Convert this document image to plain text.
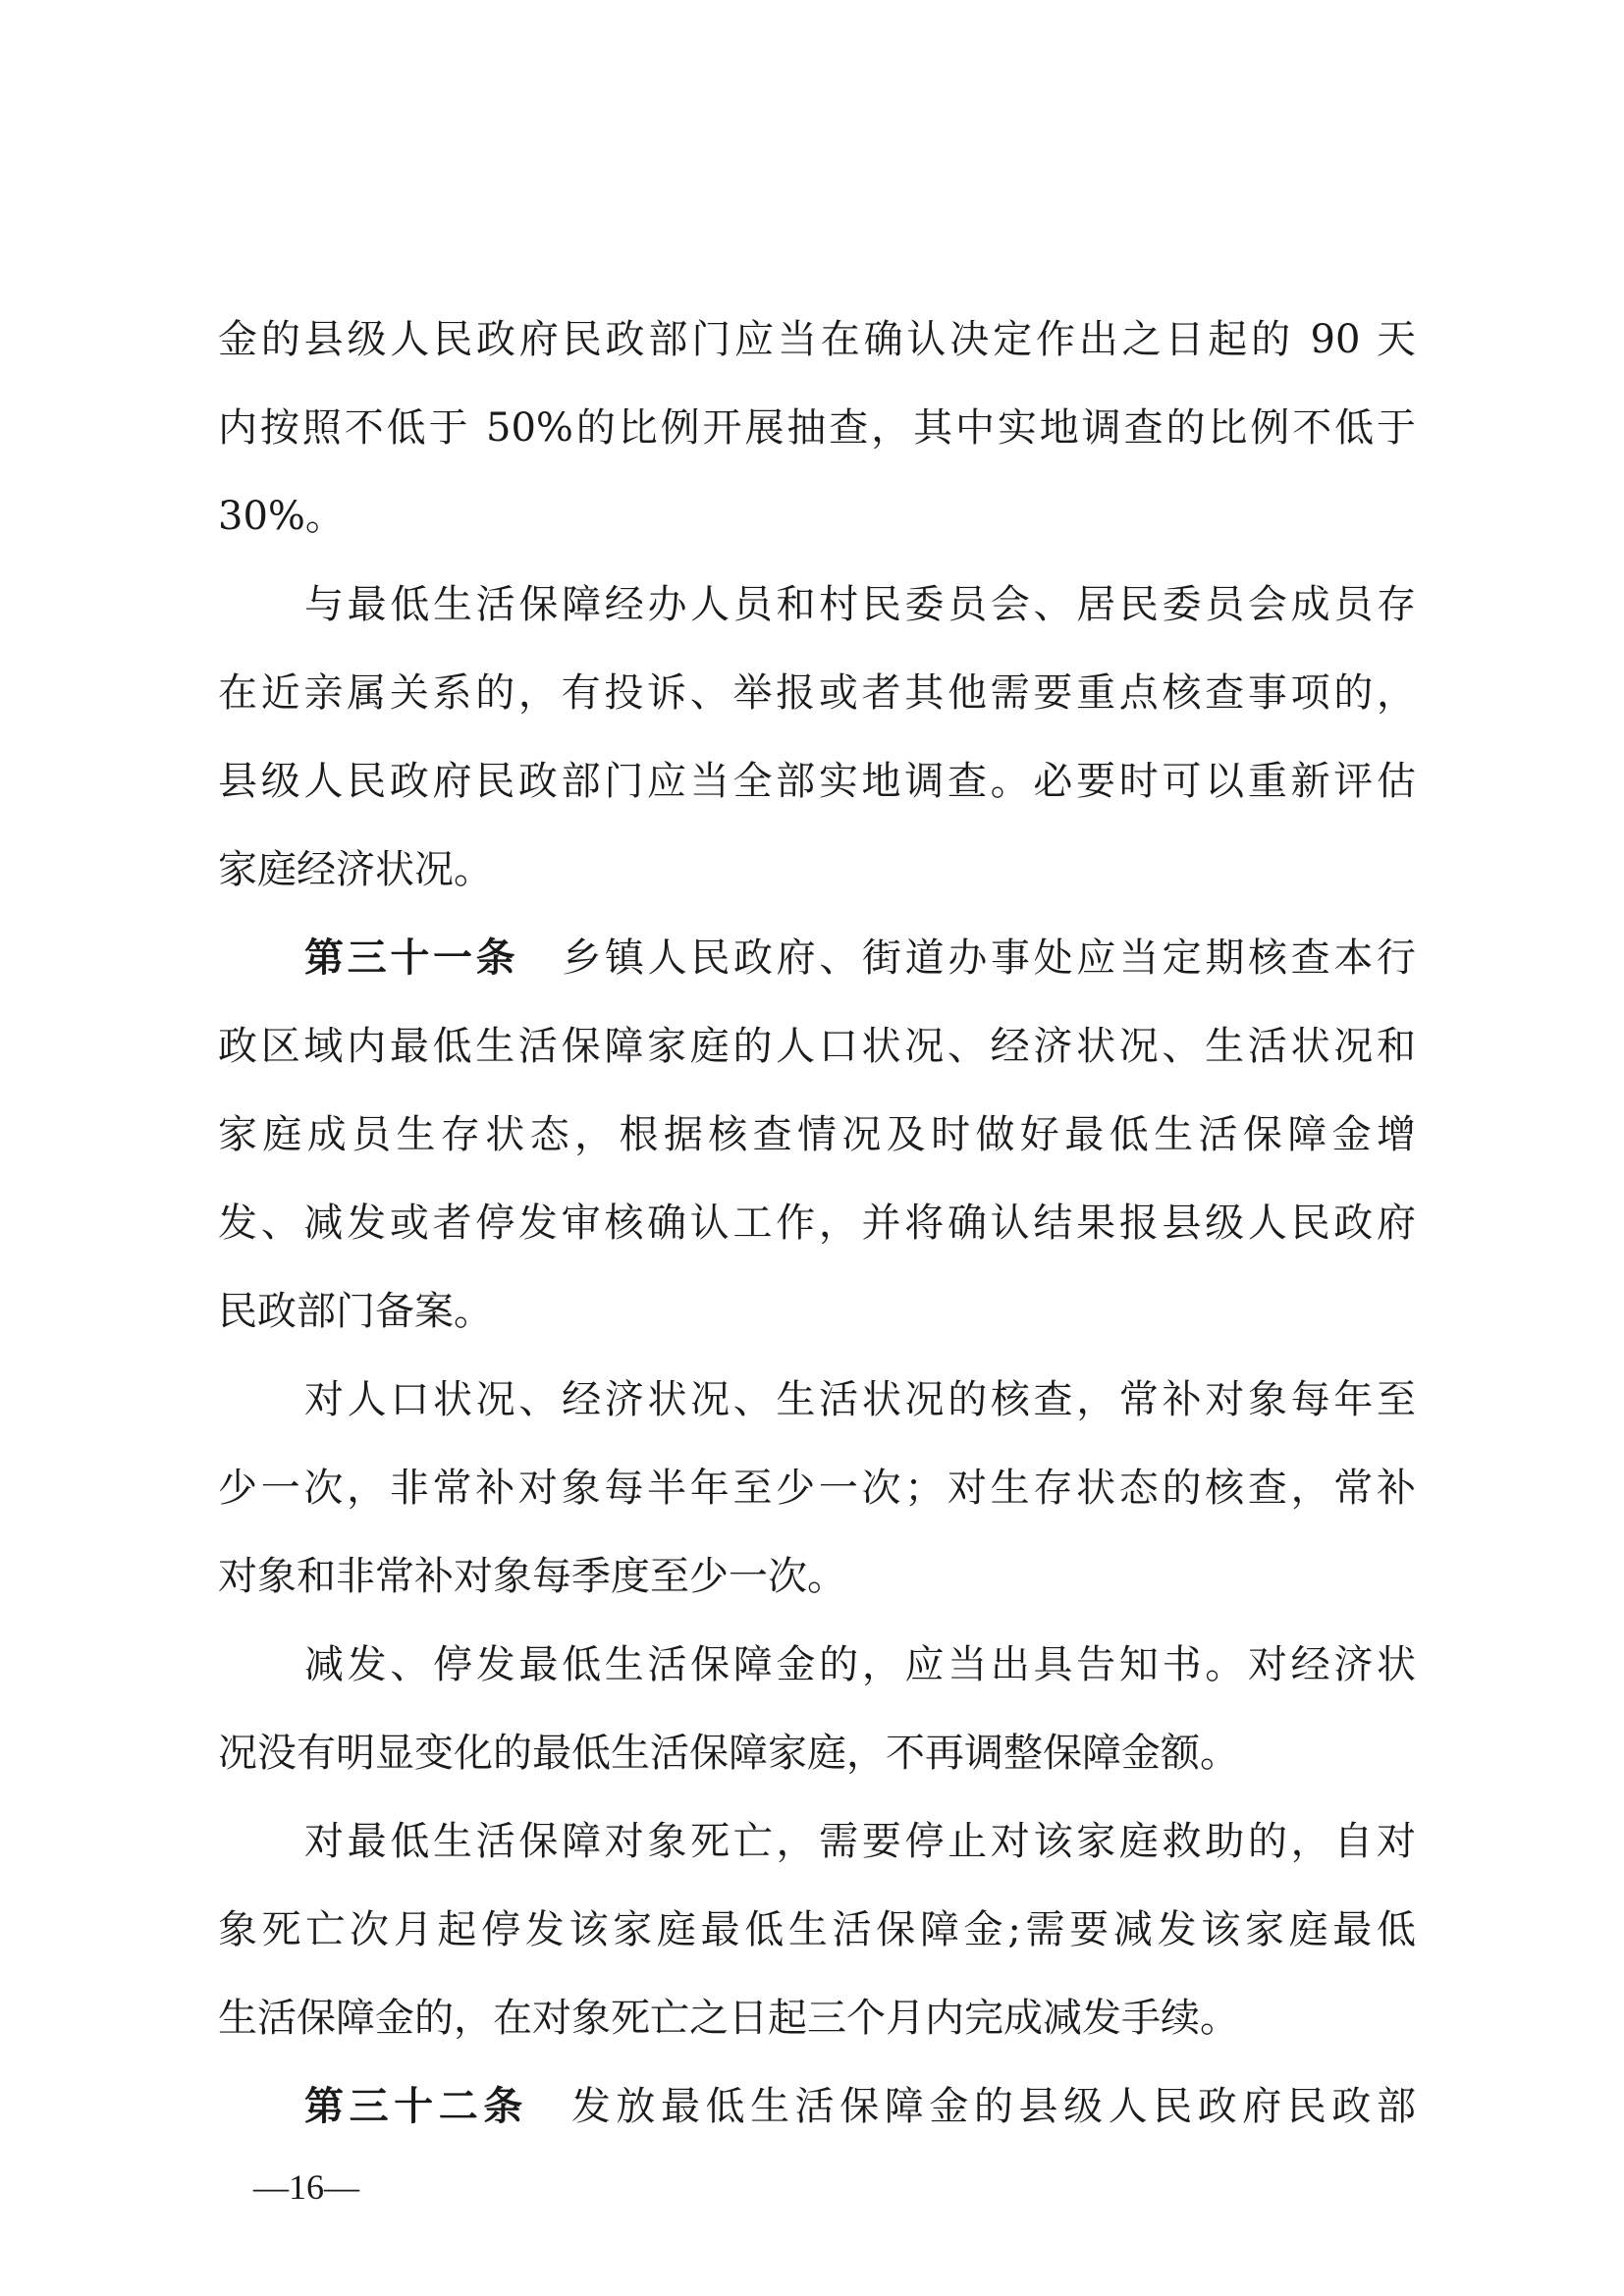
金的县级人民政府民政部门应当在确认决定作出之日起的 90 天
内按照不低于 50%的比例开展抽查，其中实地调查的比例不低于
30%。
与最低生活保障经办人员和村民委员会、居民委员会成员存
在近亲属关系的，有投诉、举报或者其他需要重点核查事项的，
县级人民政府民政部门应当全部实地调查。必要时可以重新评估
家庭经济状况。
第三十一条 乡镇人民政府、街道办事处应当定期核查本行
政区域内最低生活保障家庭的人口状况、经济状况、生活状况和
家庭成员生存状态，根据核查情况及时做好最低生活保障金增
发、减发或者停发审核确认工作，并将确认结果报县级人民政府
民政部门备案。
对人口状况、经济状况、生活状况的核查，常补对象每年至
少一次，非常补对象每半年至少一次；对生存状态的核查，常补
对象和非常补对象每季度至少一次。
减发、停发最低生活保障金的，应当出具告知书。对经济状
况没有明显变化的最低生活保障家庭，不再调整保障金额。
对最低生活保障对象死亡，需要停止对该家庭救助的，自对
象死亡次月起停发该家庭最低生活保障金;需要减发该家庭最低
生活保障金的，在对象死亡之日起三个月内完成减发手续。
第三十二条 发放最低生活保障金的县级人民政府民政部
—16—
